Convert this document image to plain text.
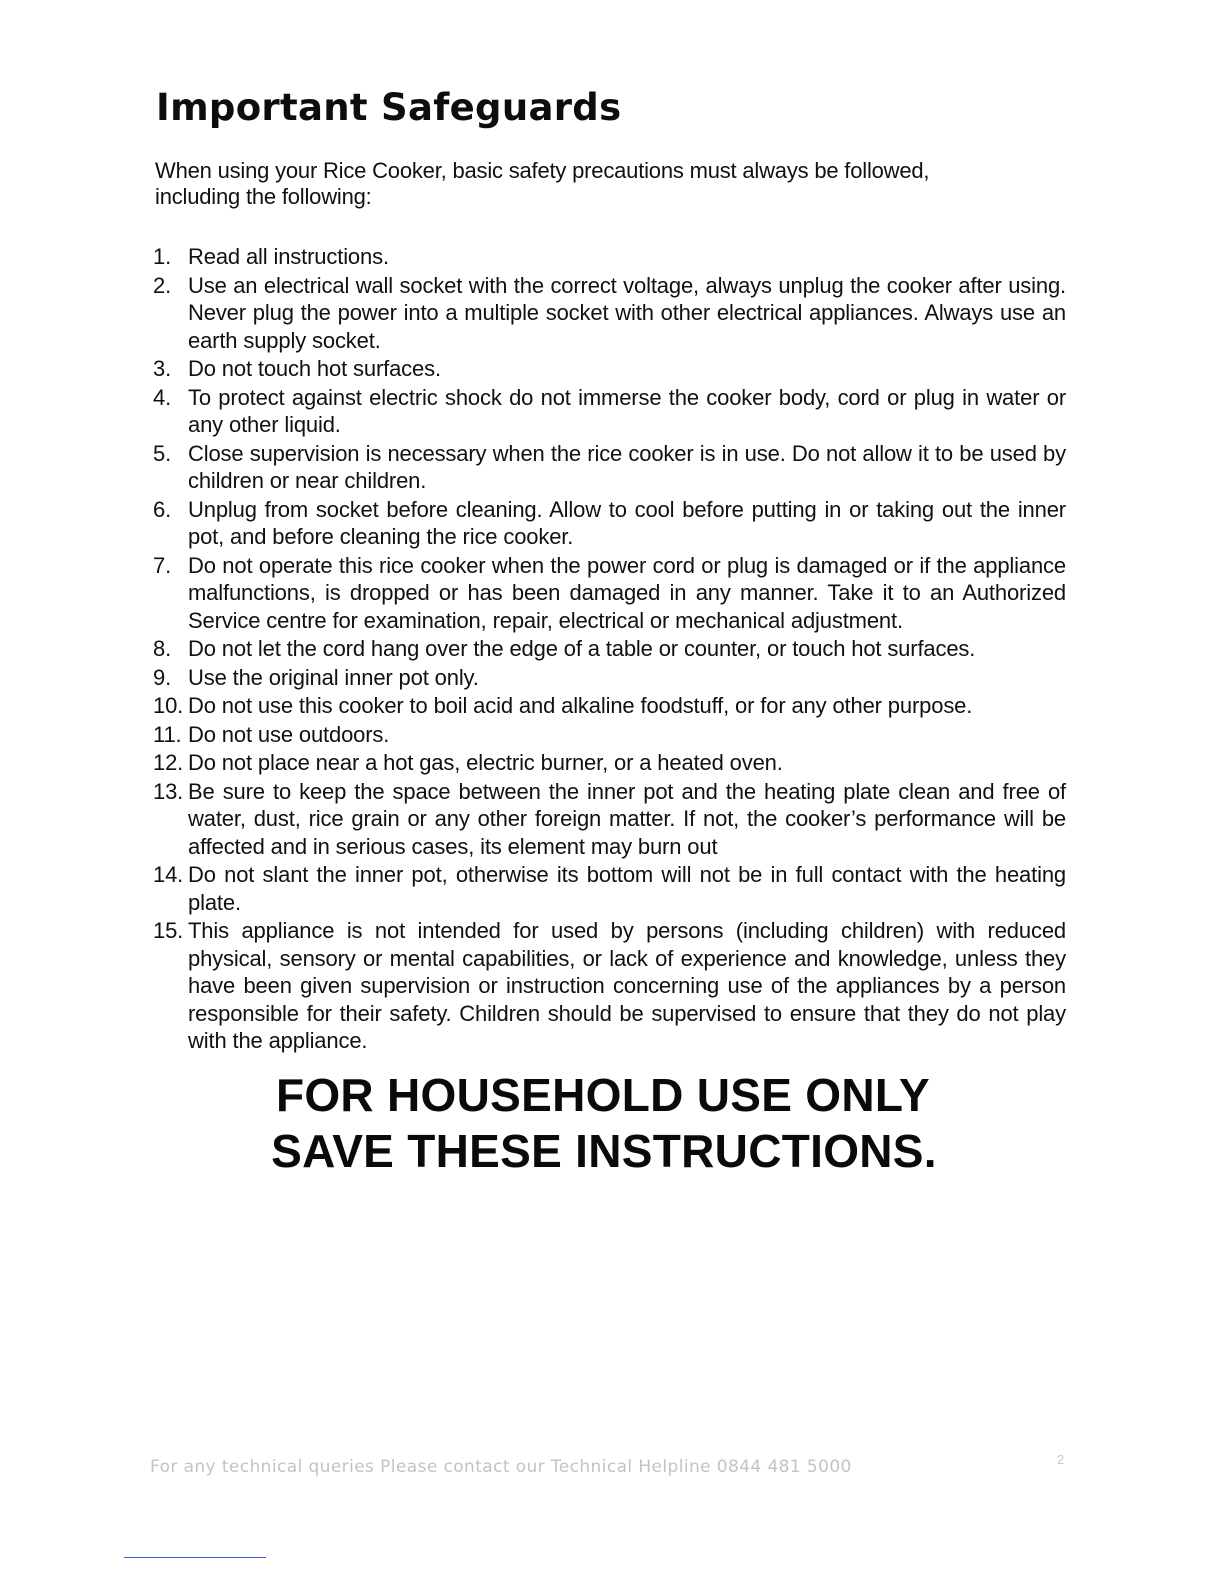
Important Safeguards

When using your Rice Cooker, basic safety precautions must always be followed, including the following:

1. Read all instructions.
2. Use an electrical wall socket with the correct voltage, always unplug the cooker after using. Never plug the power into a multiple socket with other electrical appliances. Always use an earth supply socket.
3. Do not touch hot surfaces.
4. To protect against electric shock do not immerse the cooker body, cord or plug in water or any other liquid.
5. Close supervision is necessary when the rice cooker is in use. Do not allow it to be used by children or near children.
6. Unplug from socket before cleaning. Allow to cool before putting in or taking out the inner pot, and before cleaning the rice cooker.
7. Do not operate this rice cooker when the power cord or plug is damaged or if the appliance malfunctions, is dropped or has been damaged in any manner. Take it to an Authorized Service centre for examination, repair, electrical or mechanical adjustment.
8. Do not let the cord hang over the edge of a table or counter, or touch hot surfaces.
9. Use the original inner pot only.
10. Do not use this cooker to boil acid and alkaline foodstuff, or for any other purpose.
11. Do not use outdoors.
12. Do not place near a hot gas, electric burner, or a heated oven.
13. Be sure to keep the space between the inner pot and the heating plate clean and free of water, dust, rice grain or any other foreign matter. If not, the cooker’s performance will be affected and in serious cases, its element may burn out
14. Do not slant the inner pot, otherwise its bottom will not be in full contact with the heating plate.
15. This appliance is not intended for used by persons (including children) with reduced physical, sensory or mental capabilities, or lack of experience and knowledge, unless they have been given supervision or instruction concerning use of the appliances by a person responsible for their safety. Children should be supervised to ensure that they do not play with the appliance.

FOR HOUSEHOLD USE ONLY

SAVE THESE INSTRUCTIONS.

For any technical queries Please contact our Technical Helpline 0844 481 5000	2
